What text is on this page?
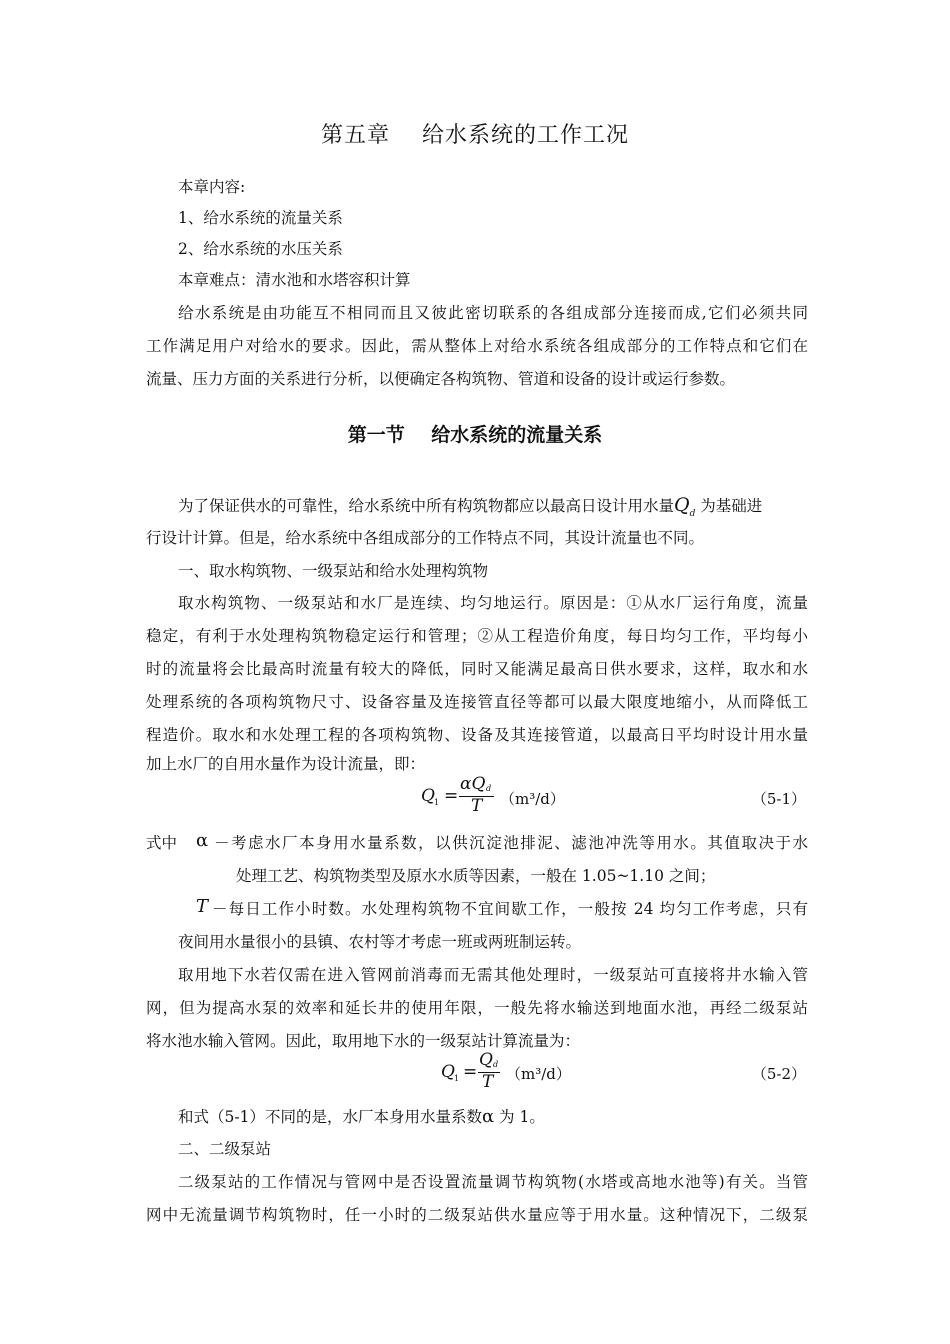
第五章    给水系统的工作工况
本章内容:
1、给水系统的流量关系
2、给水系统的水压关系
本章难点：清水池和水塔容积计算
给水系统是由功能互不相同而且又彼此密切联系的各组成部分连接而成,它们必须共同
工作满足用户对给水的要求。因此，需从整体上对给水系统各组成部分的工作特点和它们在
流量、压力方面的关系进行分析，以便确定各构筑物、管道和设备的设计或运行参数。
第一节    给水系统的流量关系
为了保证供水的可靠性，给水系统中所有构筑物都应以最高日设计用水量$Q_d$ 为基础进
行设计计算。但是，给水系统中各组成部分的工作特点不同，其设计流量也不同。
一、取水构筑物、一级泵站和给水处理构筑物
取水构筑物、一级泵站和水厂是连续、均匀地运行。原因是：①从水厂运行角度，流量
稳定，有利于水处理构筑物稳定运行和管理；②从工程造价角度，每日均匀工作，平均每小
时的流量将会比最高时流量有较大的降低，同时又能满足最高日供水要求，这样，取水和水
处理系统的各项构筑物尺寸、设备容量及连接管直径等都可以最大限度地缩小，从而降低工
程造价。取水和水处理工程的各项构筑物、设备及其连接管道，以最高日平均时设计用水量
加上水厂的自用水量作为设计流量，即：
Q 1 =
αQ d
T （m³/d）	（5-1）
式中	α －考虑水厂本身用水量系数，以供沉淀池排泥、滤池冲洗等用水。其值取决于水
处理工艺、构筑物类型及原水水质等因素，一般在 1.05~1.10 之间；
T －每日工作小时数。水处理构筑物不宜间歇工作，一般按 24 均匀工作考虑，只有
夜间用水量很小的县镇、农村等才考虑一班或两班制运转。
取用地下水若仅需在进入管网前消毒而无需其他处理时，一级泵站可直接将井水输入管
网，但为提高水泵的效率和延长井的使用年限，一般先将水输送到地面水池，再经二级泵站
将水池水输入管网。因此，取用地下水的一级泵站计算流量为：
Q 1 =
Q d
T （m³/d）	（5-2）
和式（5-1）不同的是，水厂本身用水量系数α 为 1。
二、二级泵站
二级泵站的工作情况与管网中是否设置流量调节构筑物(水塔或高地水池等)有关。当管
网中无流量调节构筑物时，任一小时的二级泵站供水量应等于用水量。这种情况下，二级泵
